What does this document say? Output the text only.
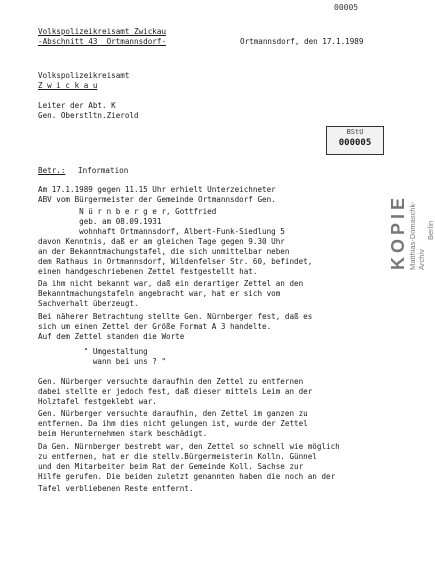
00005
Volkspolizeikreisamt Zwickau
-Abschnitt 43  Ortmannsdorf-	Ortmannsdorf, den 17.1.1989
Volkspolizeikreisamt
Z w i c k a u
Leiter der Abt. K
Gen. Oberstltn.Zierold
BStU
000005
Betr.: Information
Am 17.1.1989 gegen 11.15 Uhr erhielt Unterzeichneter
ABV vom Bürgermeister der Gemeinde Ortmannsdorf Gen.
N ü r n b e r g e r, Gottfried
geb. am 08.09.1931
wohnhaft Ortmannsdorf, Albert-Funk-Siedlung 5
davon Kenntnis, daß er am gleichen Tage gegen 9.30 Uhr
an der Bekanntmachungstafel, die sich unmittelbar neben
dem Rathaus in Ortmannsdorf, Wildenfelser Str. 60, befindet,
einen handgeschriebenen Zettel festgestellt hat.
Da ihm nicht bekannt war, daß ein derartiger Zettel an den
Bekanntmachungstafeln angebracht war, hat er sich vom
Sachverhalt überzeugt.
Bei näherer Betrachtung stellte Gen. Nürnberger fest, daß es
sich um einen Zettel der Größe Format A 3 handelte.
Auf dem Zettel standen die Worte
" Umgestaltung
wann bei uns ? "
Gen. Nürberger versuchte daraufhin den Zettel zu entfernen
dabei stellte er jedoch fest, daß dieser mittels Leim an der
Holztafel festgeklebt war.
Gen. Nürberger versuchte daraufhin, den Zettel im ganzen zu
entfernen. Da ihm dies nicht gelungen ist, wurde der Zettel
beim Herunternehmen stark beschädigt.
Da Gen. Nürnberger bestrebt war, den Zettel so schnell wie möglich
zu entfernen, hat er die stellv.Bürgermeisterin Kolln. Günnel
und den Mitarbeiter beim Rat der Gemeinde Koll. Sachse zur
Hilfe gerufen. Die beiden zuletzt genannten haben die noch an der
Tafel verbliebenen Reste entfernt.
KOPIE Matthias-Domaschk-Archiv
Berlin
